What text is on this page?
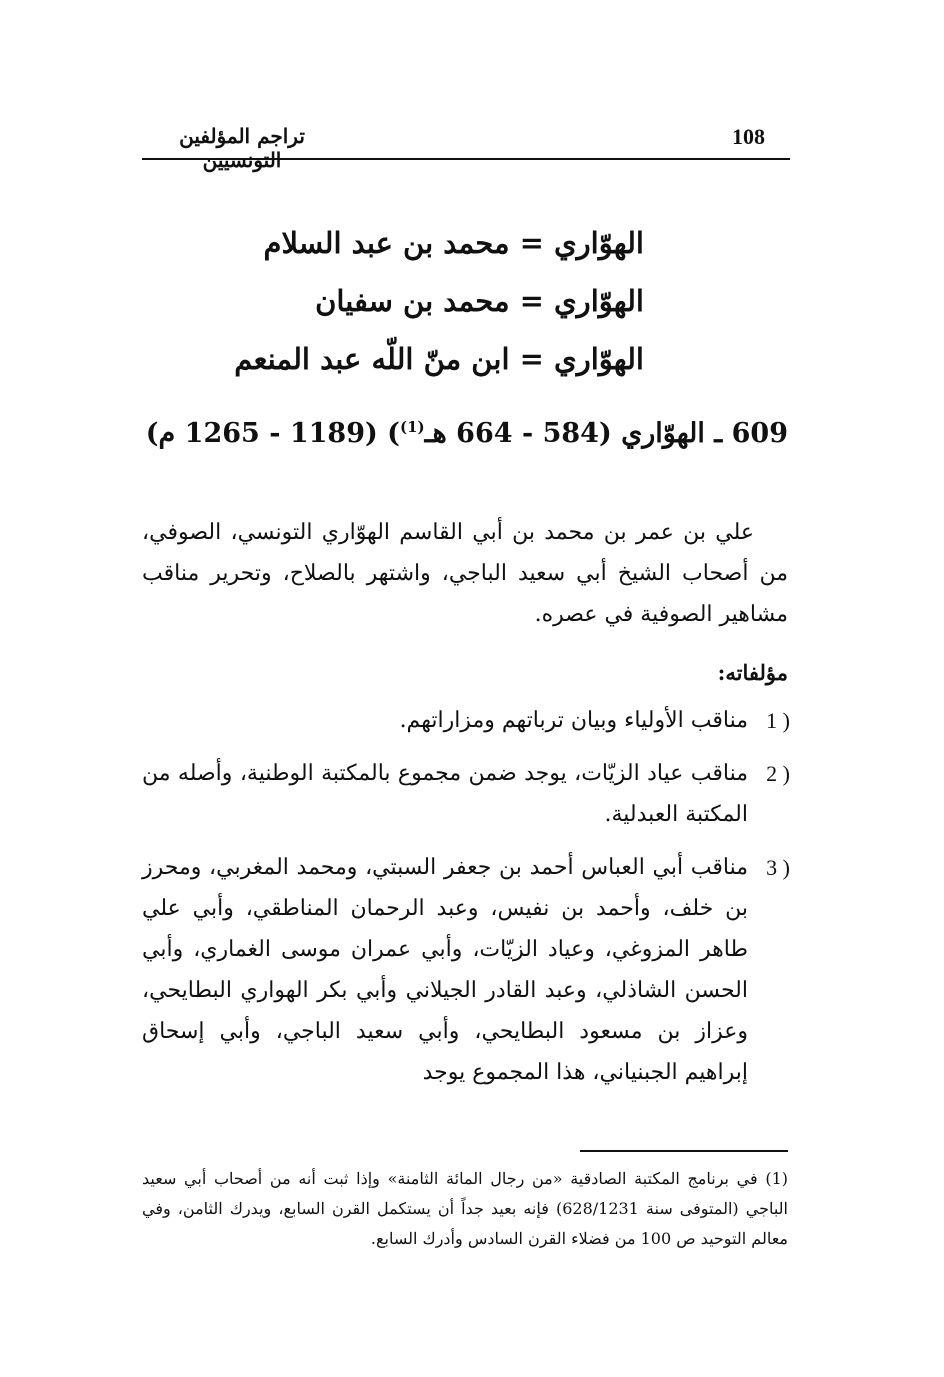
108
تراجم المؤلفين التونسيين
الهوّاري = محمد بن عبد السلام
الهوّاري = محمد بن سفيان
الهوّاري = ابن منّ اللّه عبد المنعم
609 ـ الهوّاري (584 - 664 هـ$^{(1)}$) (1189 - 1265 م)

علي بن عمر بن محمد بن أبي القاسم الهوّاري التونسي، الصوفي، من أصحاب الشيخ أبي سعيد الباجي، واشتهر بالصلاح، وتحرير مناقب مشاهير الصوفية في عصره.

مؤلفاته:
1 )
مناقب الأولياء وبيان ترباتهم ومزاراتهم.
2 )
مناقب عياد الزيّات، يوجد ضمن مجموع بالمكتبة الوطنية، وأصله من المكتبة العبدلية.
3 )
مناقب أبي العباس أحمد بن جعفر السبتي، ومحمد المغربي، ومحرز بن خلف، وأحمد بن نفيس، وعبد الرحمان المناطقي، وأبي علي طاهر المزوغي، وعياد الزيّات، وأبي عمران موسى الغماري، وأبي الحسن الشاذلي، وعبد القادر الجيلاني وأبي بكر الهواري البطايحي، وعزاز بن مسعود البطايحي، وأبي سعيد الباجي، وأبي إسحاق إبراهيم الجبنياني، هذا المجموع يوجد
(1) في برنامج المكتبة الصادقية «من رجال المائة الثامنة» وإذا ثبت أنه من أصحاب أبي سعيد الباجي (المتوفى سنة 628/1231) فإنه بعيد جداً أن يستكمل القرن السابع، ويدرك الثامن، وفي معالم التوحيد ص 100 من فضلاء القرن السادس وأدرك السابع.
